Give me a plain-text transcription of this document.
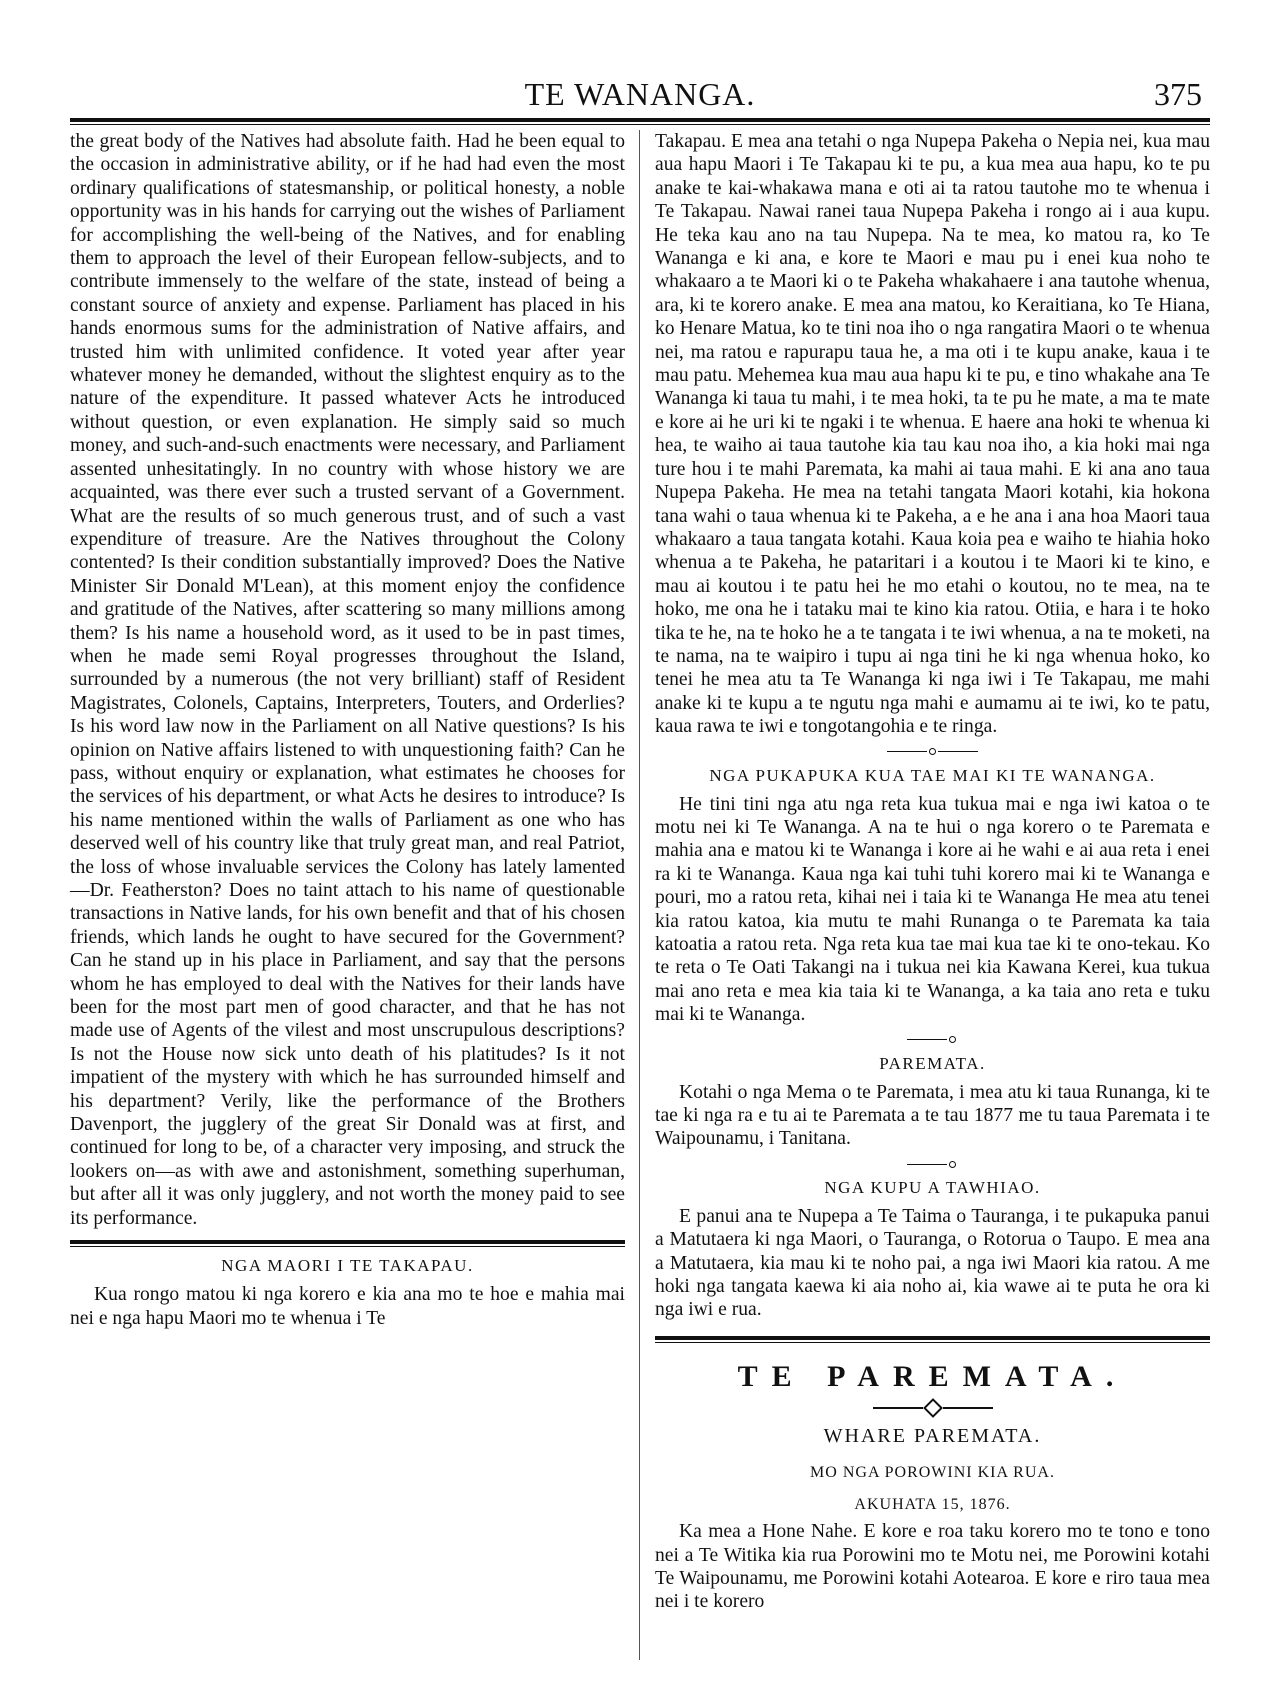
TE WANANGA.	375

the great body of the Natives had absolute faith. Had he been equal to the occasion in administrative ability, or if he had had even the most ordinary qualifications of statesmanship, or political honesty, a noble opportunity was in his hands for carrying out the wishes of Parliament for accomplishing the well-being of the Natives, and for enabling them to approach the level of their European fellow-subjects, and to contribute immensely to the welfare of the state, instead of being a constant source of anxiety and expense. Parliament has placed in his hands enormous sums for the administration of Native affairs, and trusted him with unlimited confidence. It voted year after year whatever money he demanded, without the slightest enquiry as to the nature of the expenditure. It passed whatever Acts he introduced without question, or even explanation. He simply said so much money, and such-and-such enactments were necessary, and Parliament assented unhesitatingly. In no country with whose history we are acquainted, was there ever such a trusted servant of a Government. What are the results of so much generous trust, and of such a vast expenditure of treasure. Are the Natives throughout the Colony contented? Is their condition substantially improved? Does the Native Minister Sir Donald M'Lean), at this moment enjoy the confidence and gratitude of the Natives, after scattering so many millions among them? Is his name a household word, as it used to be in past times, when he made semi Royal progresses throughout the Island, surrounded by a numerous (the not very brilliant) staff of Resident Magistrates, Colonels, Captains, Interpreters, Touters, and Orderlies? Is his word law now in the Parliament on all Native questions? Is his opinion on Native affairs listened to with unquestioning faith? Can he pass, without enquiry or explanation, what estimates he chooses for the services of his department, or what Acts he desires to introduce? Is his name mentioned within the walls of Parliament as one who has deserved well of his country like that truly great man, and real Patriot, the loss of whose invaluable services the Colony has lately lamented—Dr. Featherston? Does no taint attach to his name of questionable transactions in Native lands, for his own benefit and that of his chosen friends, which lands he ought to have secured for the Government? Can he stand up in his place in Parliament, and say that the persons whom he has employed to deal with the Natives for their lands have been for the most part men of good character, and that he has not made use of Agents of the vilest and most unscrupulous descriptions? Is not the House now sick unto death of his platitudes? Is it not impatient of the mystery with which he has surrounded himself and his department? Verily, like the performance of the Brothers Davenport, the jugglery of the great Sir Donald was at first, and continued for long to be, of a character very imposing, and struck the lookers on—as with awe and astonishment, something superhuman, but after all it was only jugglery, and not worth the money paid to see its performance.

NGA MAORI I TE TAKAPAU.

Kua rongo matou ki nga korero e kia ana mo te hoe e mahia mai nei e nga hapu Maori mo te whenua i Te

Takapau. E mea ana tetahi o nga Nupepa Pakeha o Nepia nei, kua mau aua hapu Maori i Te Takapau ki te pu, a kua mea aua hapu, ko te pu anake te kai-whakawa mana e oti ai ta ratou tautohe mo te whenua i Te Takapau. Nawai ranei taua Nupepa Pakeha i rongo ai i aua kupu. He teka kau ano na tau Nupepa. Na te mea, ko matou ra, ko Te Wananga e ki ana, e kore te Maori e mau pu i enei kua noho te whakaaro a te Maori ki o te Pakeha whakahaere i ana tautohe whenua, ara, ki te korero anake. E mea ana matou, ko Keraitiana, ko Te Hiana, ko Henare Matua, ko te tini noa iho o nga rangatira Maori o te whenua nei, ma ratou e rapurapu taua he, a ma oti i te kupu anake, kaua i te mau patu. Mehemea kua mau aua hapu ki te pu, e tino whakahe ana Te Wananga ki taua tu mahi, i te mea hoki, ta te pu he mate, a ma te mate e kore ai he uri ki te ngaki i te whenua. E haere ana hoki te whenua ki hea, te waiho ai taua tautohe kia tau kau noa iho, a kia hoki mai nga ture hou i te mahi Paremata, ka mahi ai taua mahi. E ki ana ano taua Nupepa Pakeha. He mea na tetahi tangata Maori kotahi, kia hokona tana wahi o taua whenua ki te Pakeha, a e he ana i ana hoa Maori taua whakaaro a taua tangata kotahi. Kaua koia pea e waiho te hiahia hoko whenua a te Pakeha, he pataritari i a koutou i te Maori ki te kino, e mau ai koutou i te patu hei he mo etahi o koutou, no te mea, na te hoko, me ona he i tataku mai te kino kia ratou. Otiia, e hara i te hoko tika te he, na te hoko he a te tangata i te iwi whenua, a na te moketi, na te nama, na te waipiro i tupu ai nga tini he ki nga whenua hoko, ko tenei he mea atu ta Te Wananga ki nga iwi i Te Takapau, me mahi anake ki te kupu a te ngutu nga mahi e aumamu ai te iwi, ko te patu, kaua rawa te iwi e tongotangohia e te ringa.

NGA PUKAPUKA KUA TAE MAI KI TE WANANGA.

He tini tini nga atu nga reta kua tukua mai e nga iwi katoa o te motu nei ki Te Wananga. A na te hui o nga korero o te Paremata e mahia ana e matou ki te Wananga i kore ai he wahi e ai aua reta i enei ra ki te Wananga. Kaua nga kai tuhi tuhi korero mai ki te Wananga e pouri, mo a ratou reta, kihai nei i taia ki te Wananga He mea atu tenei kia ratou katoa, kia mutu te mahi Runanga o te Paremata ka taia katoatia a ratou reta. Nga reta kua tae mai kua tae ki te ono-tekau. Ko te reta o Te Oati Takangi na i tukua nei kia Kawana Kerei, kua tukua mai ano reta e mea kia taia ki te Wananga, a ka taia ano reta e tuku mai ki te Wananga.

PAREMATA.

Kotahi o nga Mema o te Paremata, i mea atu ki taua Runanga, ki te tae ki nga ra e tu ai te Paremata a te tau 1877 me tu taua Paremata i te Waipounamu, i Tanitana.

NGA KUPU A TAWHIAO.

E panui ana te Nupepa a Te Taima o Tauranga, i te pukapuka panui a Matutaera ki nga Maori, o Tauranga, o Rotorua o Taupo. E mea ana a Matutaera, kia mau ki te noho pai, a nga iwi Maori kia ratou. A me hoki nga tangata kaewa ki aia noho ai, kia wawe ai te puta he ora ki nga iwi e rua.

TE PAREMATA.
WHARE PAREMATA.
MO NGA POROWINI KIA RUA.
AKUHATA 15, 1876.

Ka mea a Hone Nahe. E kore e roa taku korero mo te tono e tono nei a Te Witika kia rua Porowini mo te Motu nei, me Porowini kotahi Te Waipounamu, me Porowini kotahi Aotearoa. E kore e riro taua mea nei i te korero
